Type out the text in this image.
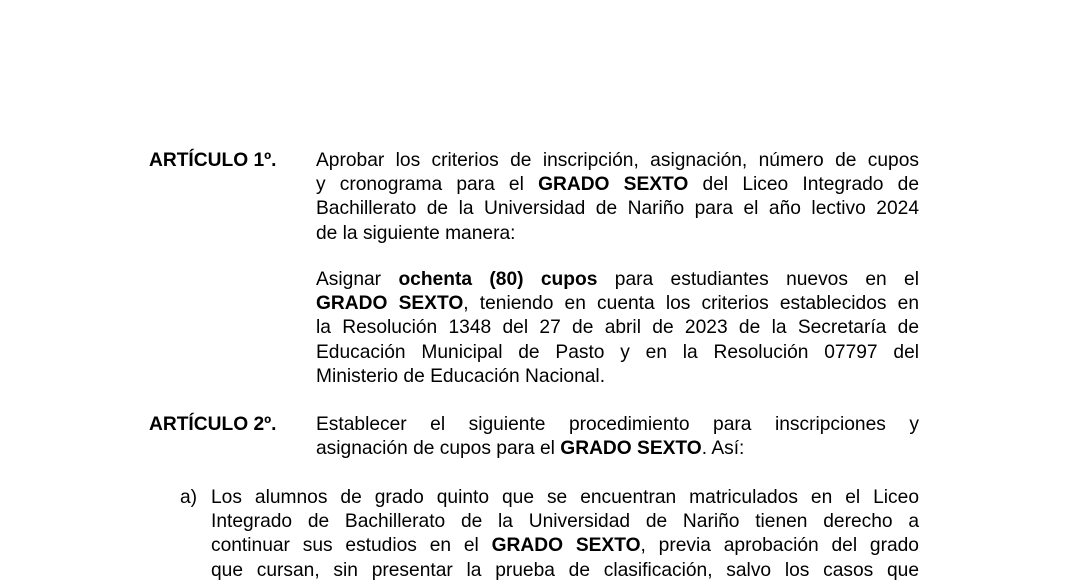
ARTÍCULO 1º. Aprobar los criterios de inscripción, asignación, número de cupos
y cronograma para el GRADO SEXTO del Liceo Integrado de
Bachillerato de la Universidad de Nariño para el año lectivo 2024
de la siguiente manera:
Asignar ochenta (80) cupos para estudiantes nuevos en el
GRADO SEXTO, teniendo en cuenta los criterios establecidos en
la Resolución 1348 del 27 de abril de 2023 de la Secretaría de
Educación Municipal de Pasto y en la Resolución 07797 del
Ministerio de Educación Nacional.
ARTÍCULO 2º. Establecer el siguiente procedimiento para inscripciones y
asignación de cupos para el GRADO SEXTO. Así:
a) Los alumnos de grado quinto que se encuentran matriculados en el Liceo
Integrado de Bachillerato de la Universidad de Nariño tienen derecho a
continuar sus estudios en el GRADO SEXTO, previa aprobación del grado
que cursan, sin presentar la prueba de clasificación, salvo los casos que
